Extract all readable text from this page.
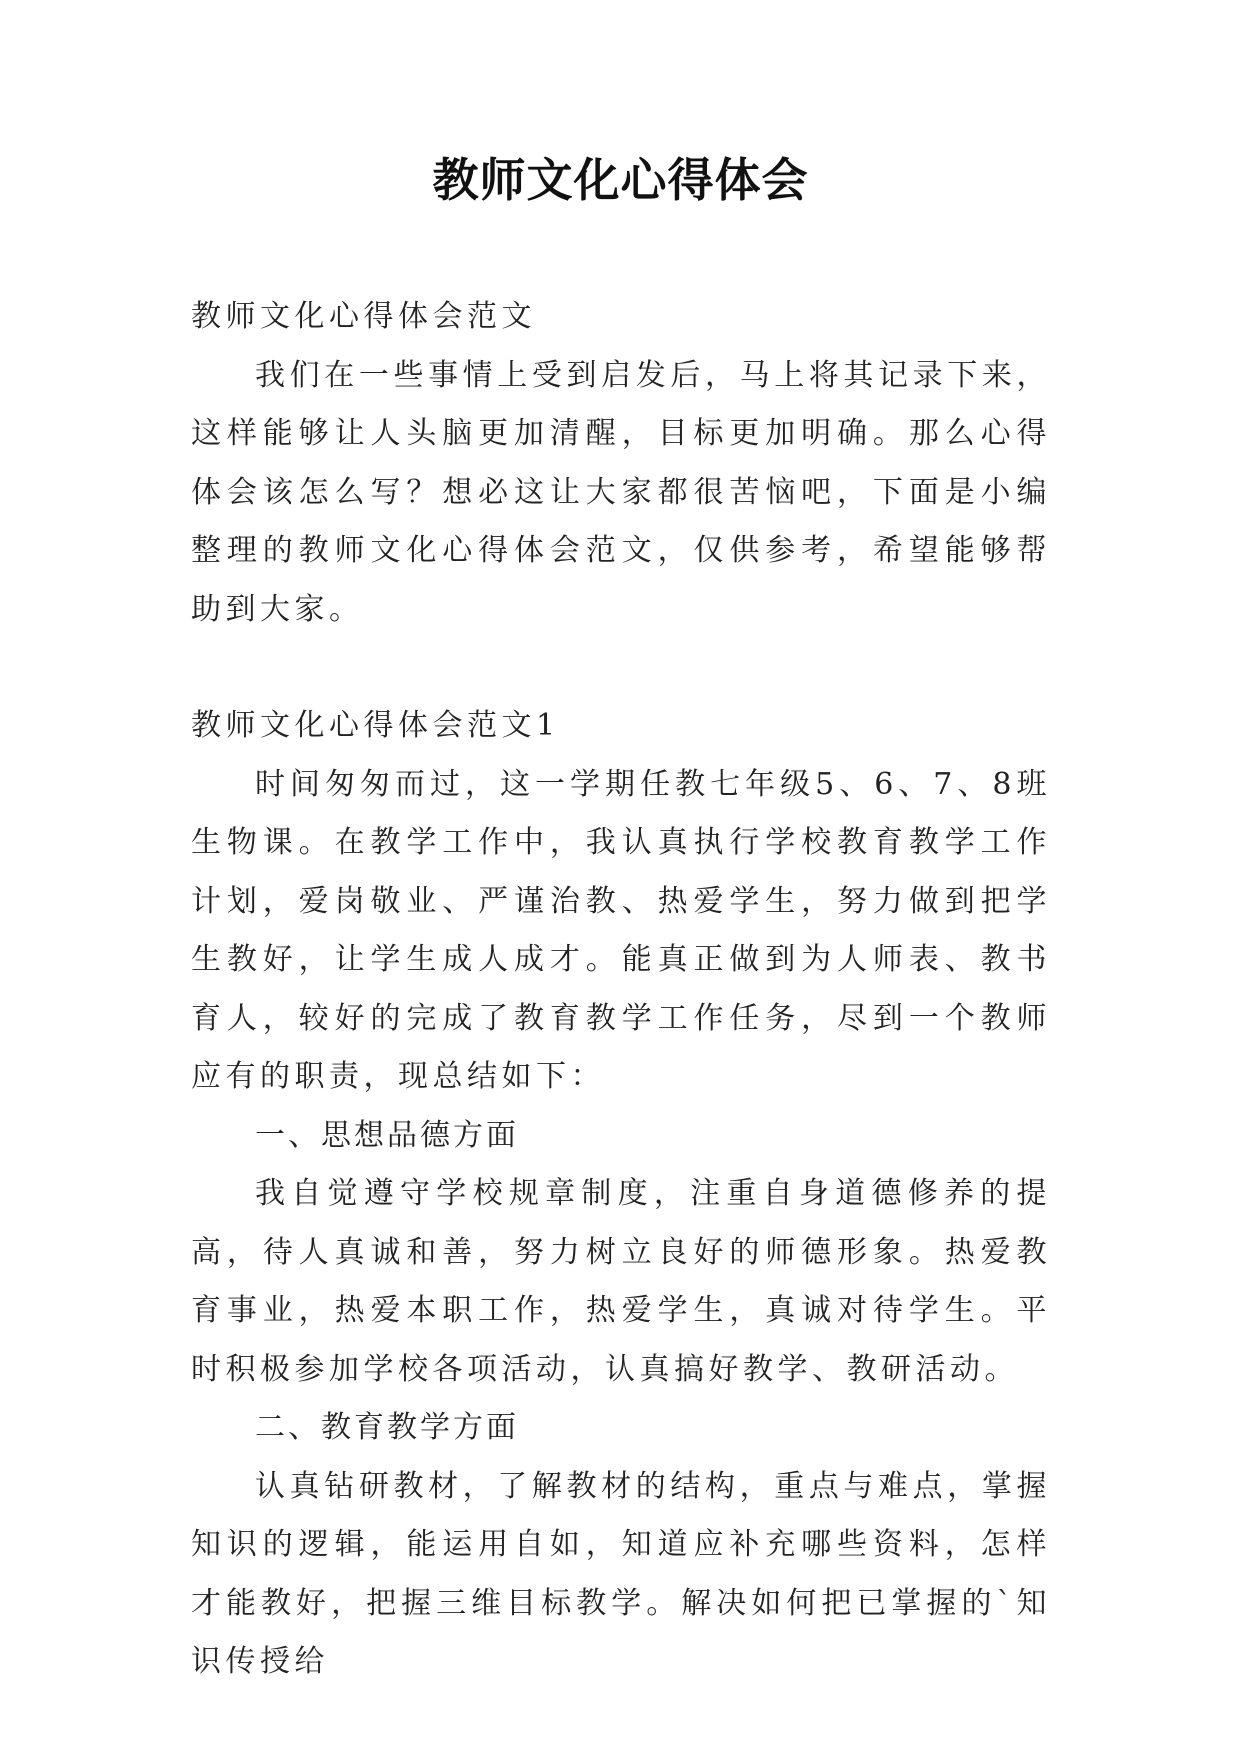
教师文化心得体会

教师文化心得体会范文

我们在一些事情上受到启发后，马上将其记录下来，这样能够让人头脑更加清醒，目标更加明确。那么心得体会该怎么写？想必这让大家都很苦恼吧，下面是小编整理的教师文化心得体会范文，仅供参考，希望能够帮助到大家。

教师文化心得体会范文1

时间匆匆而过，这一学期任教七年级5、6、7、8班生物课。在教学工作中，我认真执行学校教育教学工作计划，爱岗敬业、严谨治教、热爱学生，努力做到把学生教好，让学生成人成才。能真正做到为人师表、教书育人，较好的完成了教育教学工作任务，尽到一个教师应有的职责，现总结如下：

一、思想品德方面

我自觉遵守学校规章制度，注重自身道德修养的提高，待人真诚和善，努力树立良好的师德形象。热爱教育事业，热爱本职工作，热爱学生，真诚对待学生。平时积极参加学校各项活动，认真搞好教学、教研活动。

二、教育教学方面

认真钻研教材，了解教材的结构，重点与难点，掌握知识的逻辑，能运用自如，知道应补充哪些资料，怎样才能教好，把握三维目标教学。解决如何把已掌握的`知识传授给
